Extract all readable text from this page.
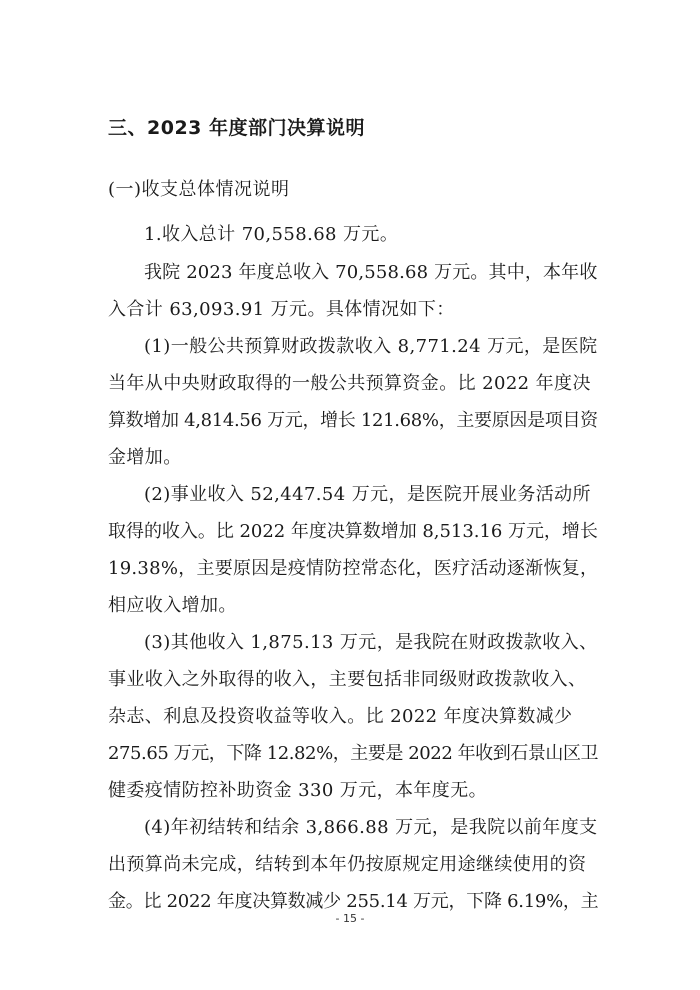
三、2023 年度部门决算说明
(一)收支总体情况说明
1.收入总计 70,558.68 万元。
我院 2023 年度总收入 70,558.68 万元。其中，本年收
入合计 63,093.91 万元。具体情况如下：
(1)一般公共预算财政拨款收入 8,771.24 万元，是医院
当年从中央财政取得的一般公共预算资金。比 2022 年度决
算数增加 4,814.56 万元，增长 121.68%，主要原因是项目资
金增加。
(2)事业收入 52,447.54 万元，是医院开展业务活动所
取得的收入。比 2022 年度决算数增加 8,513.16 万元，增长
19.38%，主要原因是疫情防控常态化，医疗活动逐渐恢复，
相应收入增加。
(3)其他收入 1,875.13 万元，是我院在财政拨款收入、
事业收入之外取得的收入，主要包括非同级财政拨款收入、
杂志、利息及投资收益等收入。比 2022 年度决算数减少
275.65 万元，下降 12.82%，主要是 2022 年收到石景山区卫
健委疫情防控补助资金 330 万元，本年度无。
(4)年初结转和结余 3,866.88 万元，是我院以前年度支
出预算尚未完成，结转到本年仍按原规定用途继续使用的资
金。比 2022 年度决算数减少 255.14 万元，下降 6.19%，主
- 15 -
